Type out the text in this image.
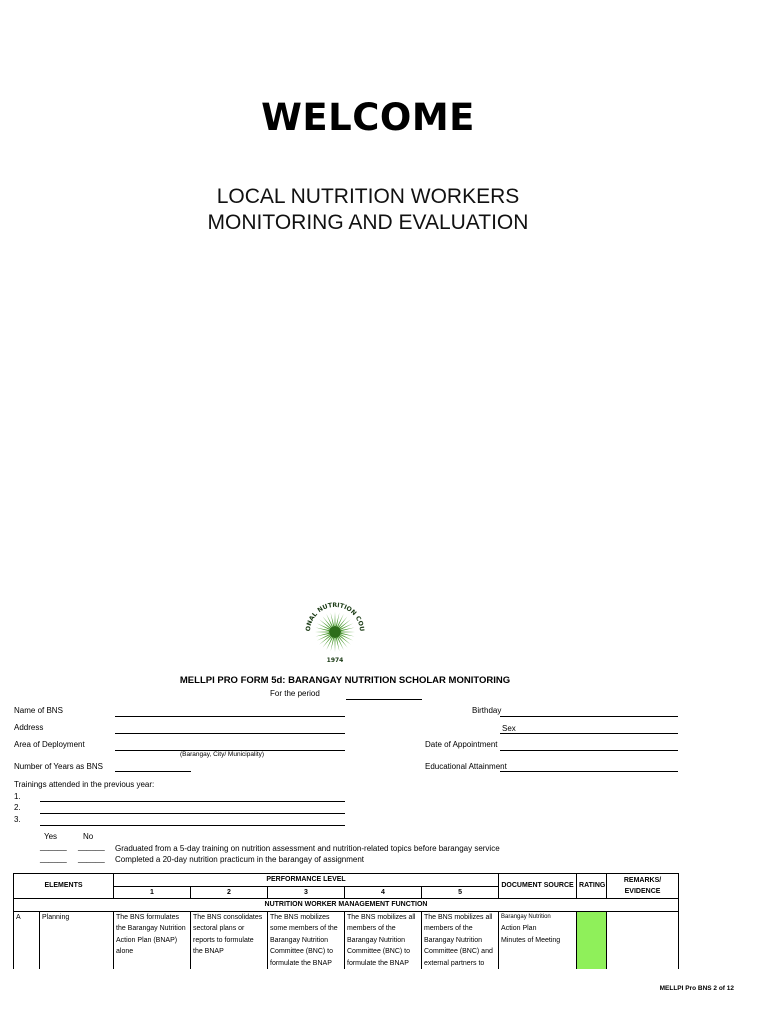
WELCOME
LOCAL NUTRITION WORKERS
MONITORING AND EVALUATION
ONAL NUTRITION COU
1974
MELLPI PRO FORM 5d: BARANGAY NUTRITION SCHOLAR MONITORING
For the period
Name of BNS
Address
Area of Deployment
(Barangay, City/ Municipality)
Number of Years as BNS
Birthday
Sex
Date of Appointment
Educational Attainment
Trainings attended in the previous year:
1.
2.
3.
Yes	No
______ ______ Graduated from a 5-day training on nutrition assessment and nutrition-related topics before barangay service
______ ______ Completed a 20-day nutrition practicum in the barangay of assignment
ELEMENTS		PERFORMANCE LEVEL					DOCUMENT SOURCE	RATING	REMARKS/ EVIDENCE
		1	2	3	4	5			
NUTRITION WORKER MANAGEMENT FUNCTION									
A	Planning	The BNS formulates the Barangay Nutrition Action Plan (BNAP) alone	The BNS consolidates sectoral plans or reports to formulate the BNAP	The BNS mobilizes some members of the Barangay Nutrition Committee (BNC) to formulate the BNAP	The BNS mobilizes all members of the Barangay Nutrition Committee (BNC) to formulate the BNAP	The BNS mobilizes all members of the Barangay Nutrition Committee (BNC) and external partners to	Barangay Nutrition
Action Plan
Minutes of Meeting		

MELLPI Pro BNS 2 of 12
